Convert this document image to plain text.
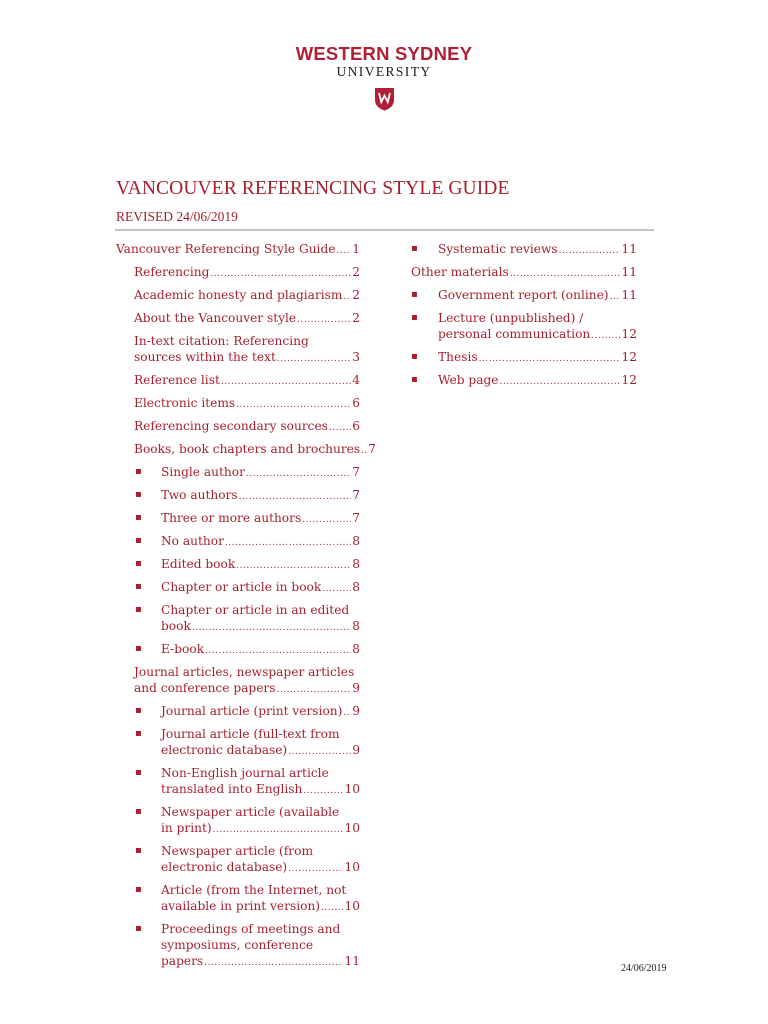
WESTERN SYDNEY
UNIVERSITY
VANCOUVER REFERENCING STYLE GUIDE

REVISED 24/06/2019

Vancouver Referencing Style Guide ..... 1
Referencing .....	2
Academic honesty and plagiarism ..... 2
About the Vancouver style .....	2
In-text citation: Referencing
sources within the text .....	3
Reference list .....	4
Electronic items .....	6
Referencing secondary sources ..... 6
Books, book chapters and brochures ..... 7
▪ Single author .....	7
▪ Two authors .....	7
▪ Three or more authors .....	7
▪ No author .....	8
▪ Edited book .....	8
▪ Chapter or article in book .....	8
▪ Chapter or article in an edited
book .....	8
▪ E-book .....	8
Journal articles, newspaper articles
and conference papers .....	9
▪ Journal article (print version) ..... 9
▪ Journal article (full-text from
electronic database) .....	9
▪ Non-English journal article
translated into English .....	10
▪ Newspaper article (available
in print) .....	10
▪ Newspaper article (from
electronic database) .....	10
▪ Article (from the Internet, not
available in print version) ..... 10
▪ Proceedings of meetings and
symposiums, conference
papers .....	11
▪ Systematic reviews .....	11
Other materials .....	11
▪ Government report (online) ..... 11
▪ Lecture (unpublished) /
personal communication .....	12
▪ Thesis .....	12
▪ Web page .....	12
24/06/2019
